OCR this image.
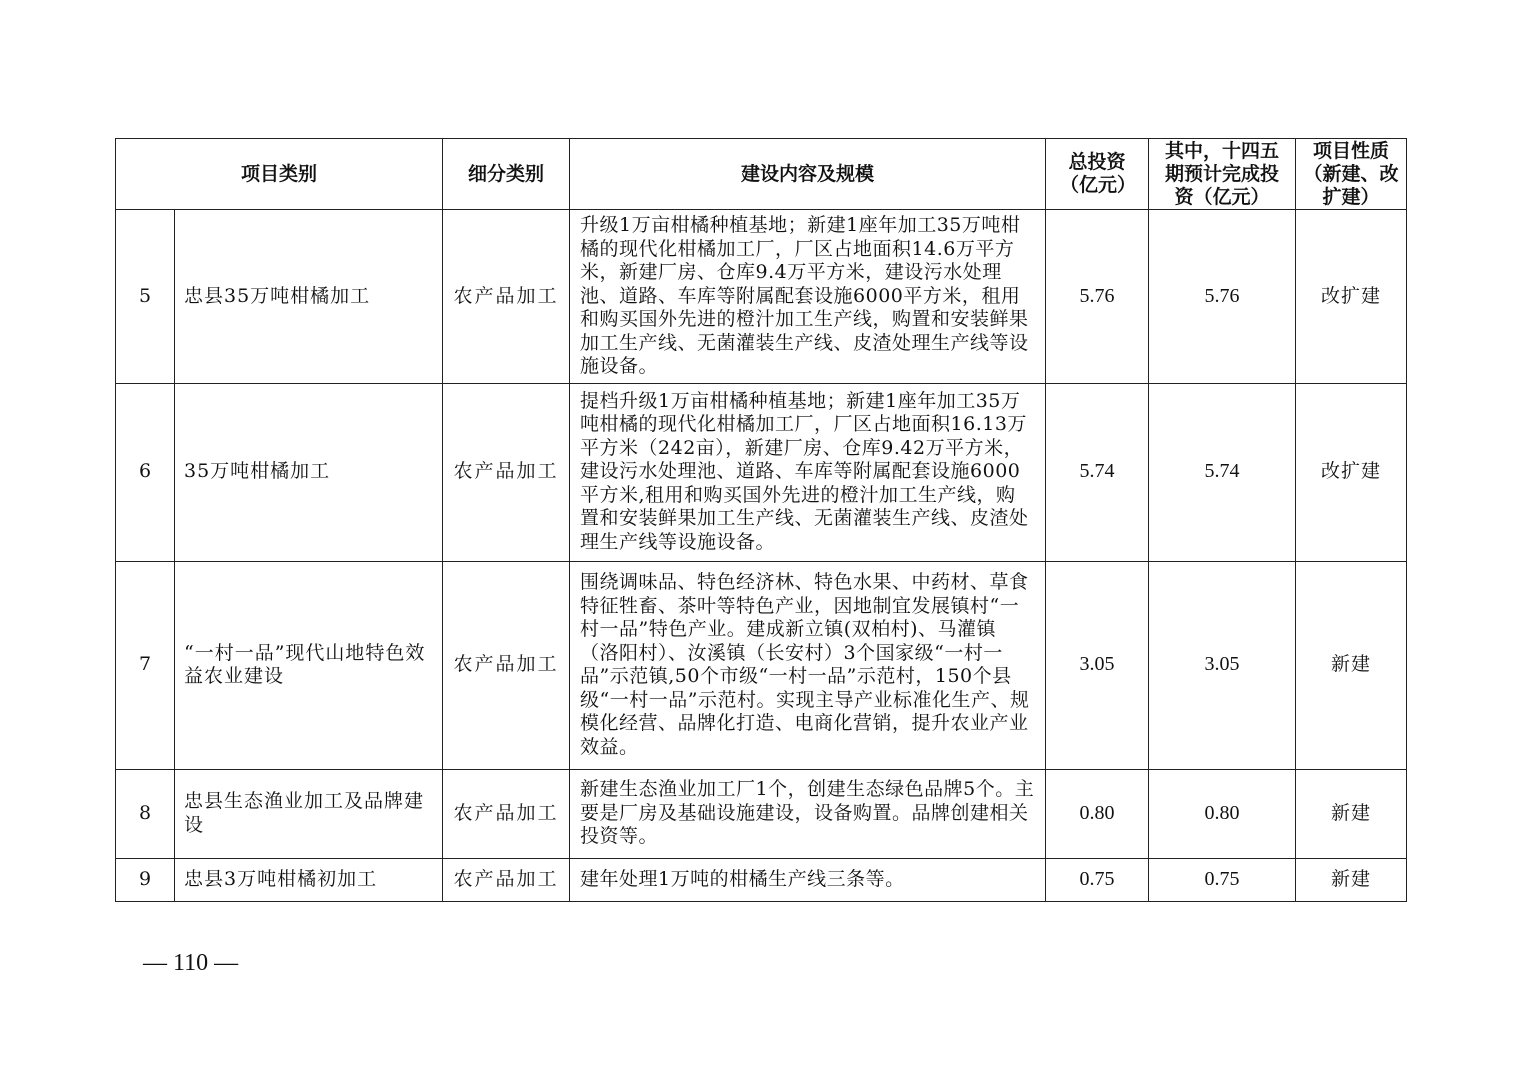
项目类别		细分类别	建设内容及规模	总投资（亿元）	其中，十四五期预计完成投资（亿元）	项目性质（新建、改扩建）
5	忠县35万吨柑橘加工	农产品加工	升级1万亩柑橘种植基地；新建1座年加工35万吨柑橘的现代化柑橘加工厂，厂区占地面积14.6万平方米，新建厂房、仓库9.4万平方米，建设污水处理池、道路、车库等附属配套设施6000平方米，租用和购买国外先进的橙汁加工生产线，购置和安装鲜果加工生产线、无菌灌装生产线、皮渣处理生产线等设施设备。	5.76	5.76	改扩建
6	35万吨柑橘加工	农产品加工	提档升级1万亩柑橘种植基地；新建1座年加工35万吨柑橘的现代化柑橘加工厂，厂区占地面积16.13万平方米（242亩），新建厂房、仓库9.42万平方米，建设污水处理池、道路、车库等附属配套设施6000平方米,租用和购买国外先进的橙汁加工生产线，购置和安装鲜果加工生产线、无菌灌装生产线、皮渣处理生产线等设施设备。	5.74	5.74	改扩建
7	“一村一品”现代山地特色效益农业建设	农产品加工	围绕调味品、特色经济林、特色水果、中药材、草食特征牲畜、茶叶等特色产业，因地制宜发展镇村“一村一品”特色产业。建成新立镇(双柏村)、马灌镇（洛阳村）、汝溪镇（长安村）3个国家级“一村一品”示范镇,50个市级“一村一品”示范村，150个县级“一村一品”示范村。实现主导产业标准化生产、规模化经营、品牌化打造、电商化营销，提升农业产业效益。	3.05	3.05	新建
8	忠县生态渔业加工及品牌建设	农产品加工	新建生态渔业加工厂1个，创建生态绿色品牌5个。主要是厂房及基础设施建设，设备购置。品牌创建相关投资等。	0.80	0.80	新建
9	忠县3万吨柑橘初加工	农产品加工	建年处理1万吨的柑橘生产线三条等。	0.75	0.75	新建
— 110 —
